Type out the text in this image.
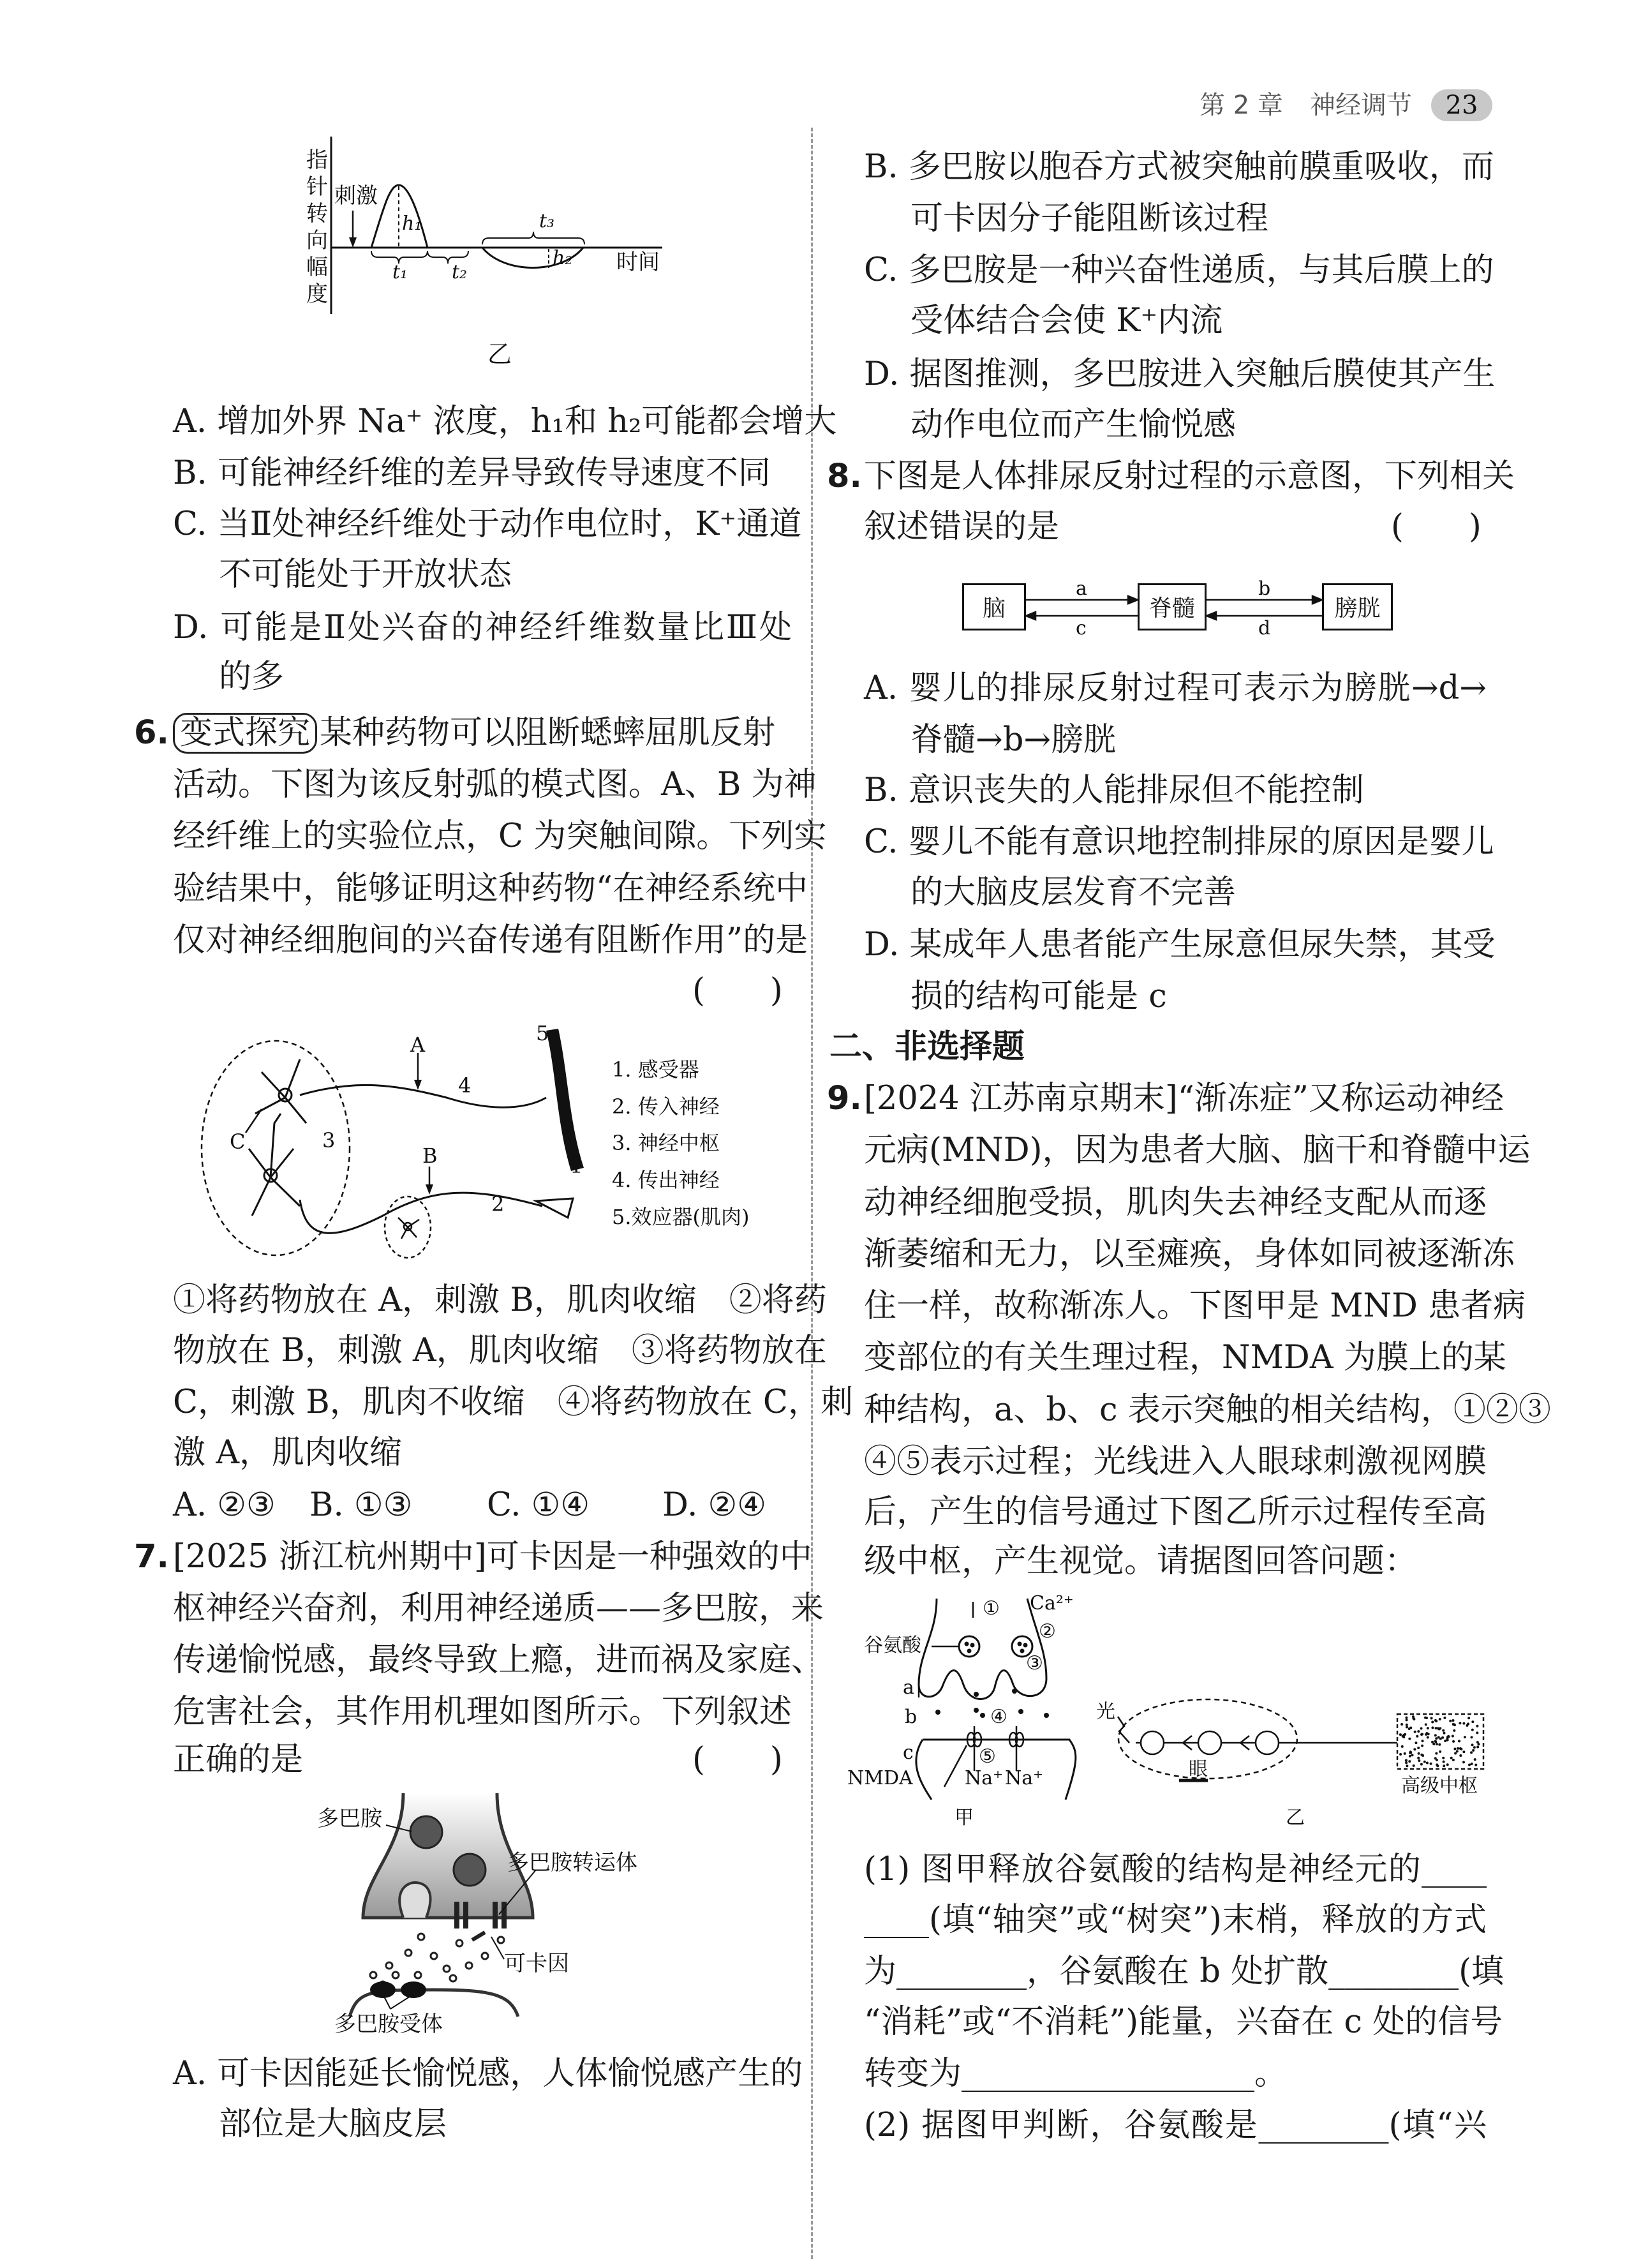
第 2 章 神经调节	23
指
针
转
向
幅
度
刺激
时间
h₁
h₂
t₁ t₂
t₃
乙
A. 增加外界 Na⁺ 浓度，h₁和 h₂可能都会增大
B. 可能神经纤维的差异导致传导速度不同
C. 当Ⅱ处神经纤维处于动作电位时，K⁺通道
不可能处于开放状态
D. 可能是Ⅱ处兴奋的神经纤维数量比Ⅲ处
的多
6. 变式探究 某种药物可以阻断蟋蟀屈肌反射
活动。下图为该反射弧的模式图。A、B 为神
经纤维上的实验位点，C 为突触间隙。下列实
验结果中，能够证明这种药物“在神经系统中
仅对神经细胞间的兴奋传递有阻断作用”的是
(　　)
A
B
C
1
2
3
4
5
1. 感受器
2. 传入神经
3. 神经中枢
4. 传出神经
5.效应器(肌肉)
①将药物放在 A，刺激 B，肌肉收缩　②将药
物放在 B，刺激 A，肌肉收缩　③将药物放在
C，刺激 B，肌肉不收缩　④将药物放在 C，刺
激 A，肌肉收缩
A. ②③ B. ①③ C. ①④ D. ②④
7. [2025 浙江杭州期中]可卡因是一种强效的中
枢神经兴奋剂，利用神经递质——多巴胺，来
传递愉悦感，最终导致上瘾，进而祸及家庭、
危害社会，其作用机理如图所示。下列叙述
正确的是	(　　)
多巴胺
多巴胺转运体
可卡因
多巴胺受体
A. 可卡因能延长愉悦感，人体愉悦感产生的
部位是大脑皮层
B. 多巴胺以胞吞方式被突触前膜重吸收，而
可卡因分子能阻断该过程
C. 多巴胺是一种兴奋性递质，与其后膜上的
受体结合会使 K⁺内流
D. 据图推测，多巴胺进入突触后膜使其产生
动作电位而产生愉悦感
8. 下图是人体排尿反射过程的示意图，下列相关
叙述错误的是	(　　)
脑	脊髓	膀胱
a
c
b
d
A. 婴儿的排尿反射过程可表示为膀胱→d→
脊髓→b→膀胱
B. 意识丧失的人能排尿但不能控制
C. 婴儿不能有意识地控制排尿的原因是婴儿
的大脑皮层发育不完善
D. 某成年人患者能产生尿意但尿失禁，其受
损的结构可能是 c
二、非选择题
9. [2024 江苏南京期末]“渐冻症”又称运动神经
元病(MND)，因为患者大脑、脑干和脊髓中运
动神经细胞受损，肌肉失去神经支配从而逐
渐萎缩和无力，以至瘫痪，身体如同被逐渐冻
住一样，故称渐冻人。下图甲是 MND 患者病
变部位的有关生理过程，NMDA 为膜上的某
种结构，a、b、c 表示突触的相关结构，①②③
④⑤表示过程；光线进入人眼球刺激视网膜
后，产生的信号通过下图乙所示过程传至高
级中枢，产生视觉。请据图回答问题：
谷氨酸
① Ca²⁺
②
③
④
⑤
a
b
c
NMDA	Na⁺ Na⁺
甲
光
眼
高级中枢
乙
(1) 图甲释放谷氨酸的结构是神经元的____
____(填“轴突”或“树突”)末梢，释放的方式
为________，谷氨酸在 b 处扩散________(填
“消耗”或“不消耗”)能量，兴奋在 c 处的信号
转变为__________________。
(2) 据图甲判断，谷氨酸是________(填“兴
